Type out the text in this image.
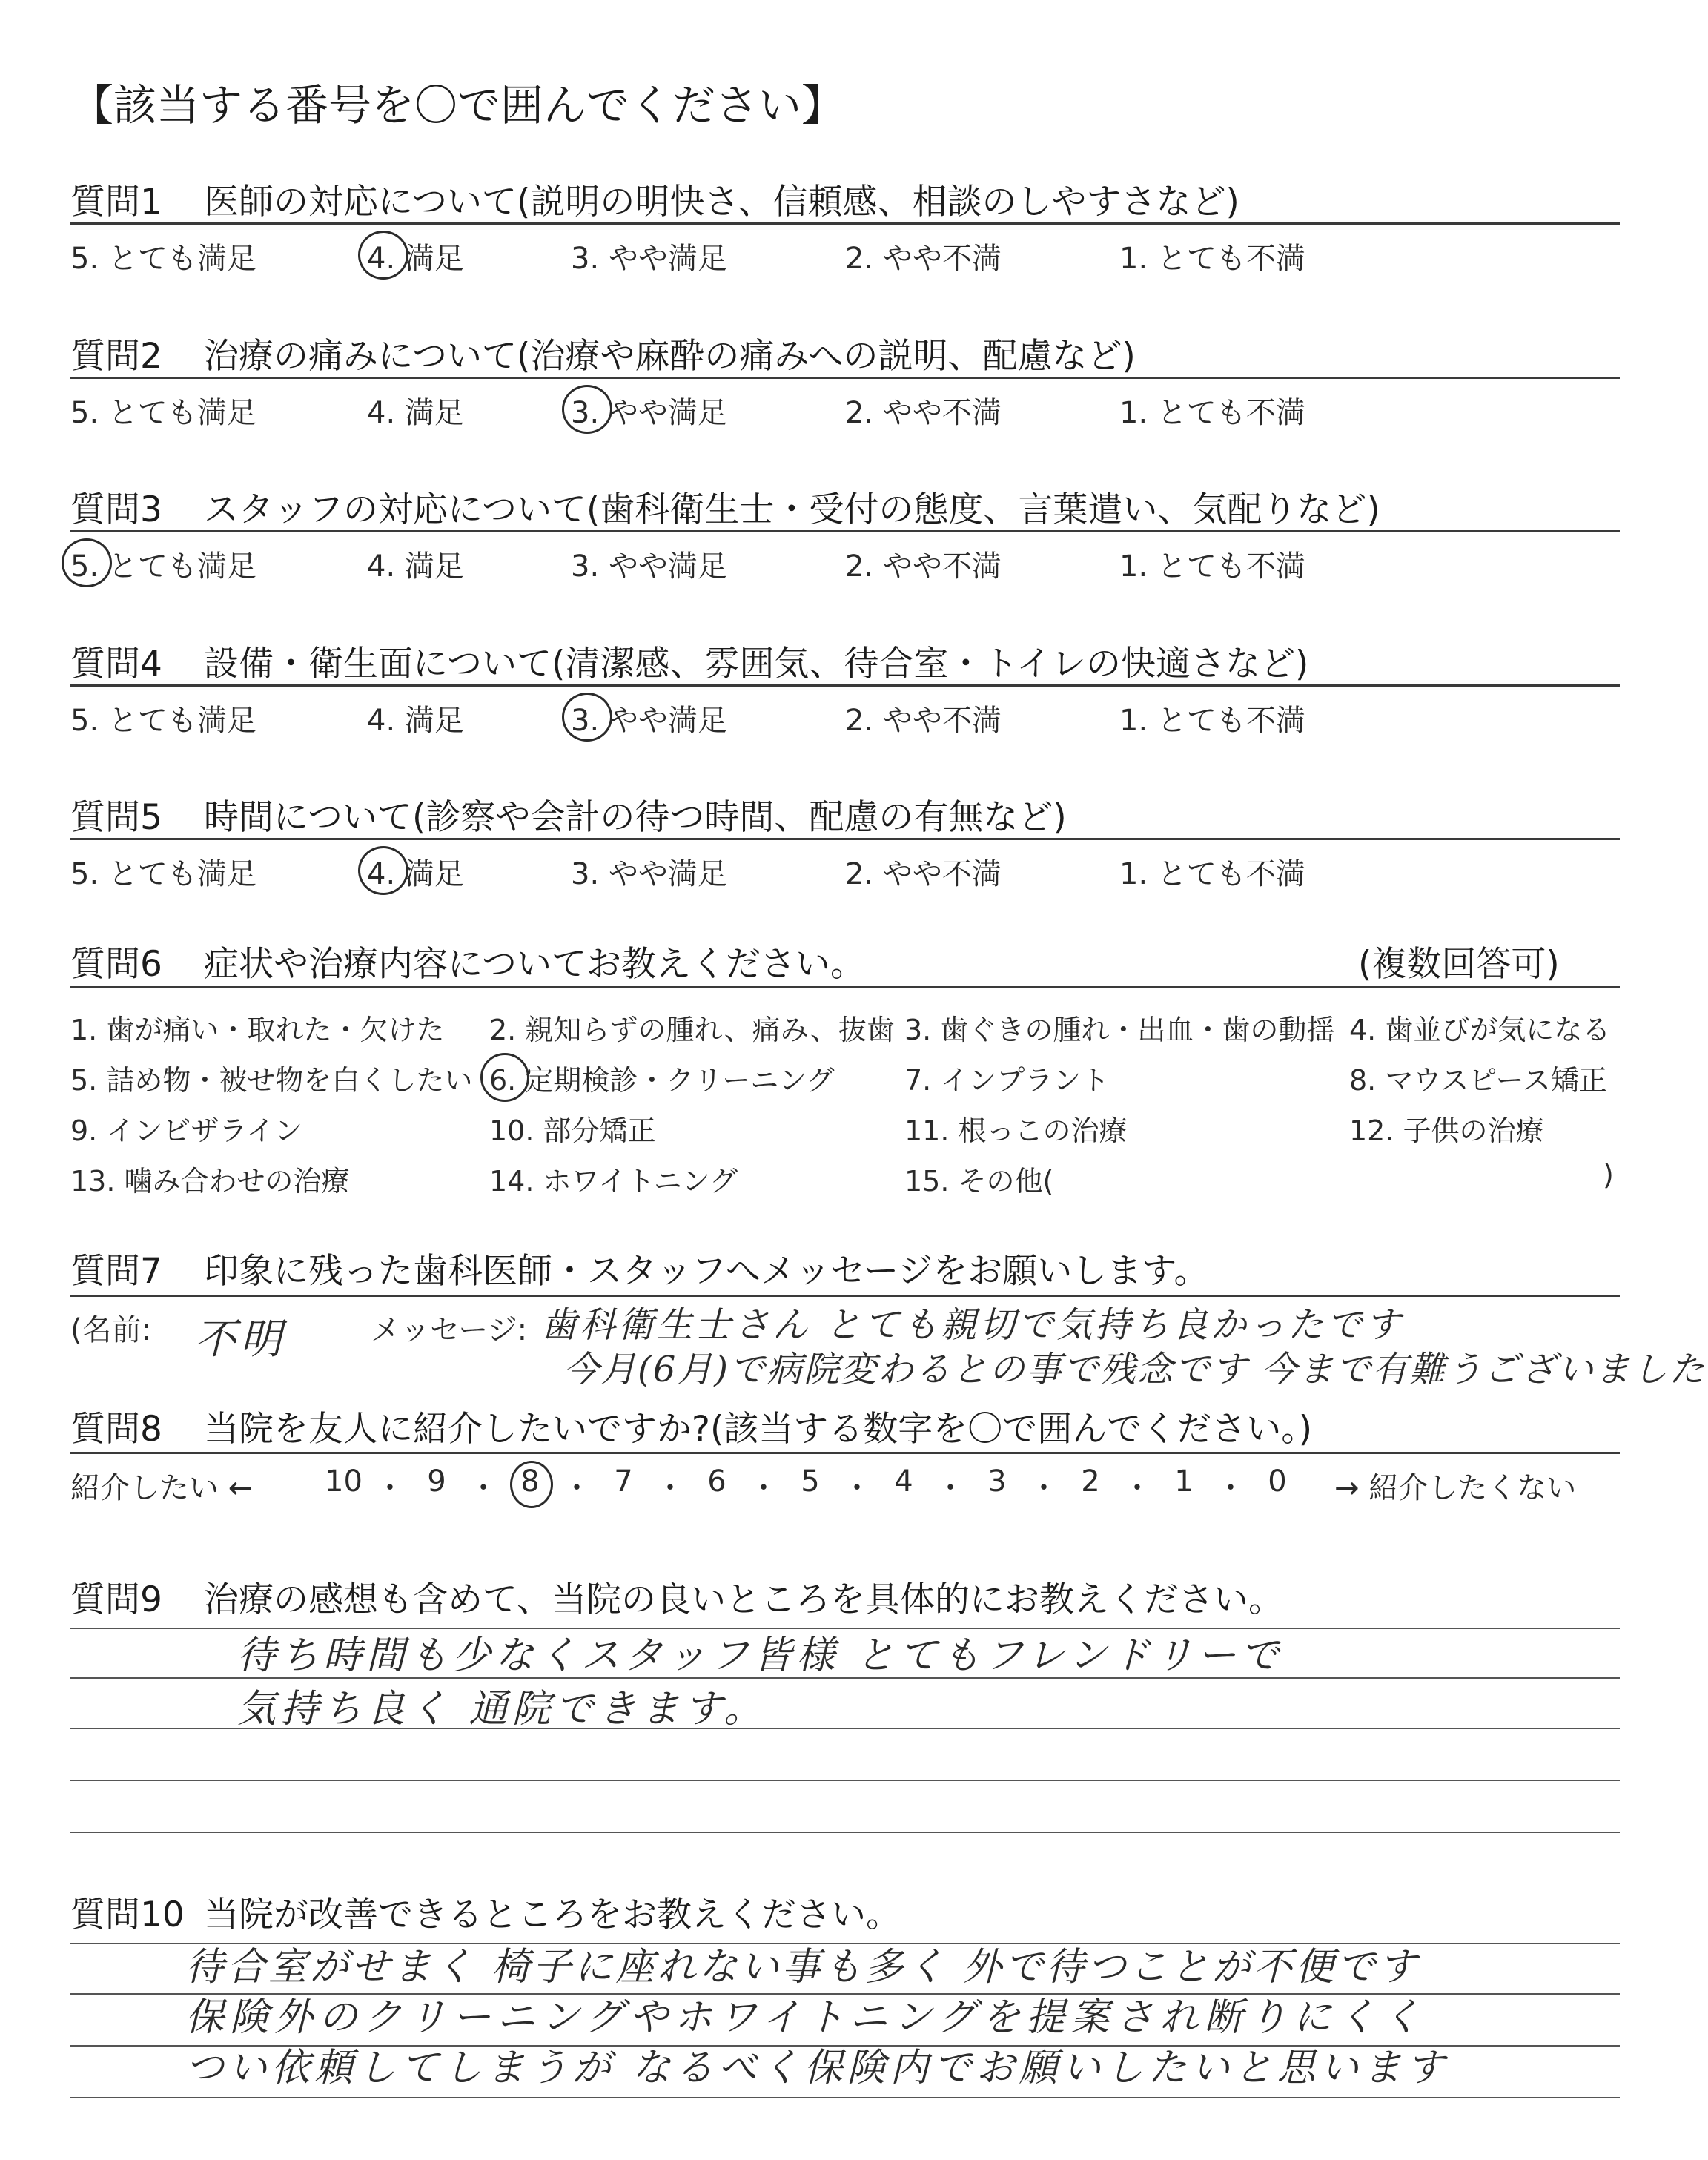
【該当する番号を〇で囲んでください】
質問1 医師の対応について(説明の明快さ、信頼感、相談のしやすさなど)
5. とても満足	4. 満足	3. やや満足	2. やや不満	1. とても不満
質問2 治療の痛みについて(治療や麻酔の痛みへの説明、配慮など)
5. とても満足	4. 満足	3. やや満足	2. やや不満	1. とても不満
質問3 スタッフの対応について(歯科衛生士・受付の態度、言葉遣い、気配りなど)
5. とても満足	4. 満足	3. やや満足	2. やや不満	1. とても不満
質問4 設備・衛生面について(清潔感、雰囲気、待合室・トイレの快適さなど)
5. とても満足	4. 満足	3. やや満足	2. やや不満	1. とても不満
質問5 時間について(診察や会計の待つ時間、配慮の有無など)
5. とても満足	4. 満足	3. やや満足	2. やや不満	1. とても不満
質問6 症状や治療内容についてお教えください。	(複数回答可)
1. 歯が痛い・取れた・欠けた 2. 親知らずの腫れ、痛み、抜歯 3. 歯ぐきの腫れ・出血・歯の動揺 4. 歯並びが気になる
5. 詰め物・被せ物を白くしたい 6. 定期検診・クリーニング 7. インプラント	8. マウスピース矯正
9. インビザライン	10. 部分矯正	11. 根っこの治療	12. 子供の治療
13. 噛み合わせの治療	14. ホワイトニング	15. その他(	)
質問7 印象に残った歯科医師・スタッフへメッセージをお願いします。
(名前: 不明	メッセージ: 歯科衛生士さん とても親切で気持ち良かったです
今月(6月)で病院変わるとの事で残念です 今まで有難うございました
質問8 当院を友人に紹介したいですか?(該当する数字を〇で囲んでください。)
紹介したい ←	→ 紹介したくない
10 ・ 9 ・ 8 ・ 7 ・ 6 ・ 5 ・ 4 ・ 3 ・ 2 ・ 1 ・ 0
質問9 治療の感想も含めて、当院の良いところを具体的にお教えください。
待ち時間も少なくスタッフ皆様 とてもフレンドリーで
気持ち良く 通院できます。
質問10 当院が改善できるところをお教えください。
待合室がせまく 椅子に座れない事も多く 外で待つことが不便です
保険外のクリーニングやホワイトニングを提案され断りにくく
つい依頼してしまうが なるべく保険内でお願いしたいと思います
